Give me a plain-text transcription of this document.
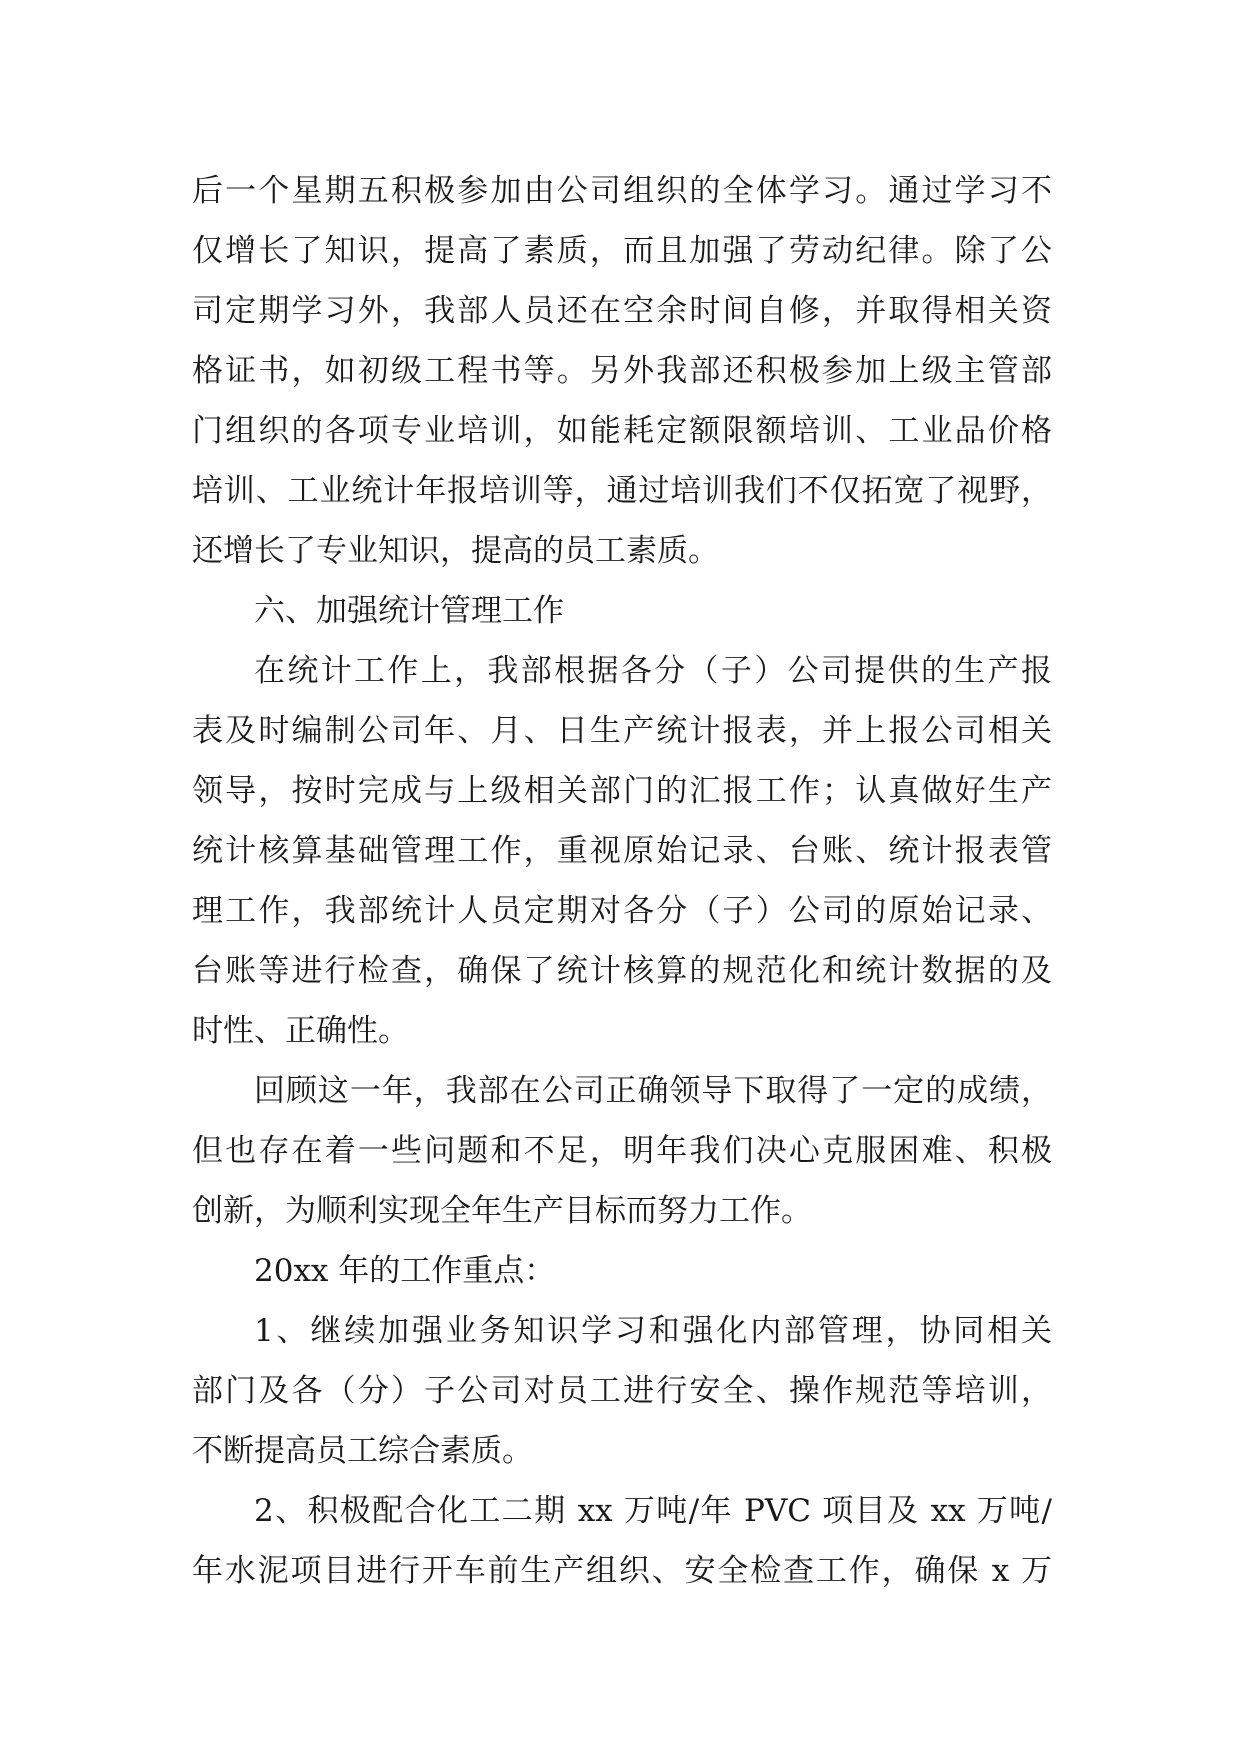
后一个星期五积极参加由公司组织的全体学习。通过学习不
仅增长了知识，提高了素质，而且加强了劳动纪律。除了公
司定期学习外，我部人员还在空余时间自修，并取得相关资
格证书，如初级工程书等。另外我部还积极参加上级主管部
门组织的各项专业培训，如能耗定额限额培训、工业品价格
培训、工业统计年报培训等，通过培训我们不仅拓宽了视野，
还增长了专业知识，提高的员工素质。
六、加强统计管理工作
在统计工作上，我部根据各分（子）公司提供的生产报
表及时编制公司年、月、日生产统计报表，并上报公司相关
领导，按时完成与上级相关部门的汇报工作；认真做好生产
统计核算基础管理工作，重视原始记录、台账、统计报表管
理工作，我部统计人员定期对各分（子）公司的原始记录、
台账等进行检查，确保了统计核算的规范化和统计数据的及
时性、正确性。
回顾这一年，我部在公司正确领导下取得了一定的成绩，
但也存在着一些问题和不足，明年我们决心克服困难、积极
创新，为顺利实现全年生产目标而努力工作。
20xx 年的工作重点：
1、继续加强业务知识学习和强化内部管理，协同相关
部门及各（分）子公司对员工进行安全、操作规范等培训，
不断提高员工综合素质。
2、积极配合化工二期 xx 万吨/年 PVC 项目及 xx 万吨/
年水泥项目进行开车前生产组织、安全检查工作，确保 x 万
